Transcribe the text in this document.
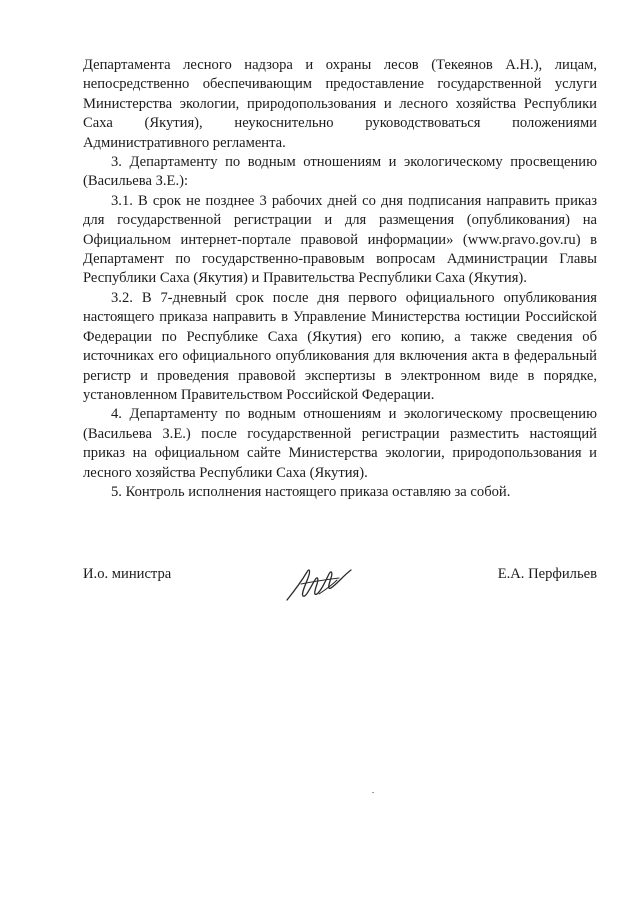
Департамента лесного надзора и охраны лесов (Текеянов А.Н.), лицам, непосредственно обеспечивающим предоставление государственной услуги Министерства экологии, природопользования и лесного хозяйства Республики Саха (Якутия), неукоснительно руководствоваться положениями Административного регламента.

3. Департаменту по водным отношениям и экологическому просвещению (Васильева З.Е.):

3.1. В срок не позднее 3 рабочих дней со дня подписания направить приказ для государственной регистрации и для размещения (опубликования) на Официальном интернет-портале правовой информации» (www.pravo.gov.ru) в Департамент по государственно-правовым вопросам Администрации Главы Республики Саха (Якутия) и Правительства Республики Саха (Якутия).

3.2. В 7-дневный срок после дня первого официального опубликования настоящего приказа направить в Управление Министерства юстиции Российской Федерации по Республике Саха (Якутия) его копию, а также сведения об источниках его официального опубликования для включения акта в федеральный регистр и проведения правовой экспертизы в электронном виде в порядке, установленном Правительством Российской Федерации.

4. Департаменту по водным отношениям и экологическому просвещению (Васильева З.Е.) после государственной регистрации разместить настоящий приказ на официальном сайте Министерства экологии, природопользования и лесного хозяйства Республики Саха (Якутия).

5. Контроль исполнения настоящего приказа оставляю за собой.

И.о. министра	Е.А. Перфильев
